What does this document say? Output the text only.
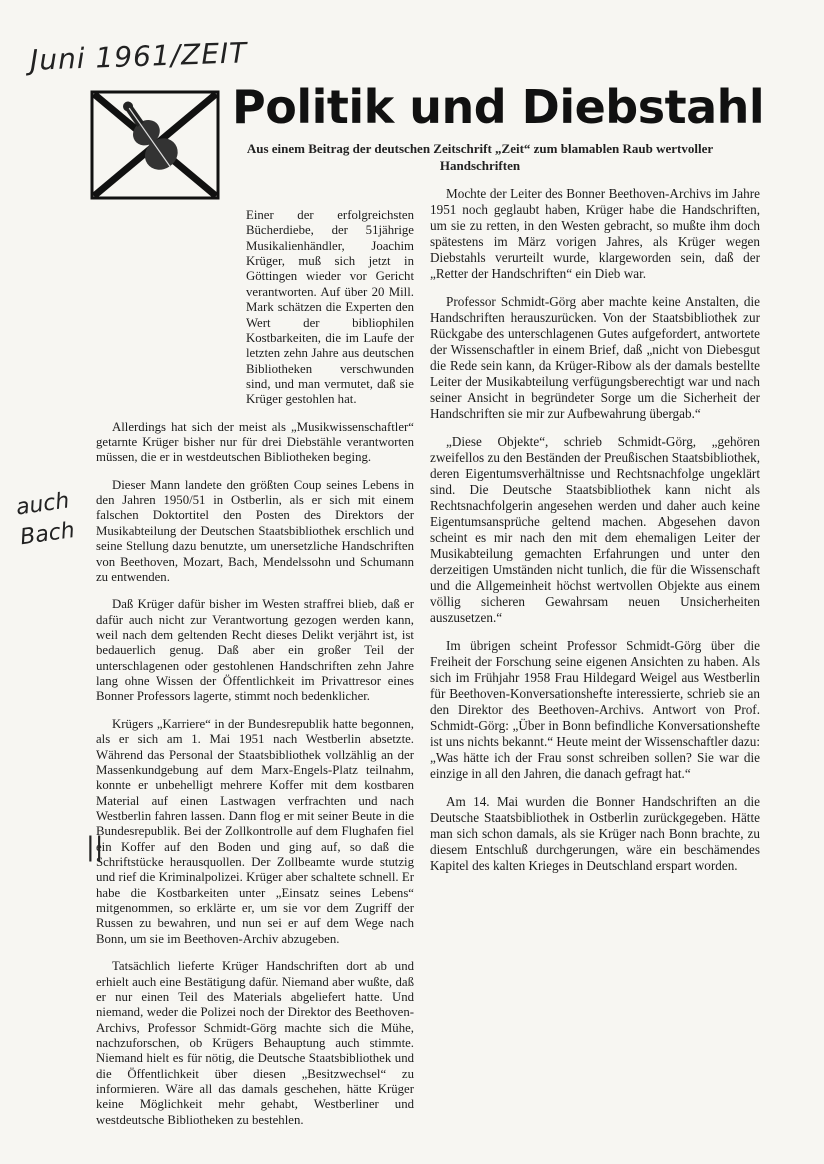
Juni 1961/ZEIT
auch
Bach
Politik und Diebstahl

Aus einem Beitrag der deutschen Zeitschrift „Zeit“ zum blamablen Raub wertvoller Handschriften

Einer der erfolgreichsten Bücherdiebe, der 51jährige Musikalienhändler, Joachim Krüger, muß sich jetzt in Göttingen wieder vor Gericht verantworten. Auf über 20 Mill. Mark schätzen die Experten den Wert der bibliophilen Kostbarkeiten, die im Laufe der letzten zehn Jahre aus deutschen Bibliotheken verschwunden sind, und man vermutet, daß sie Krüger gestohlen hat.

Allerdings hat sich der meist als „Musikwissenschaftler“ getarnte Krüger bisher nur für drei Diebstähle verantworten müssen, die er in westdeutschen Bibliotheken beging.

Dieser Mann landete den größten Coup seines Lebens in den Jahren 1950/51 in Ostberlin, als er sich mit einem falschen Doktortitel den Posten des Direktors der Musikabteilung der Deutschen Staatsbibliothek erschlich und seine Stellung dazu benutzte, um unersetzliche Handschriften von Beethoven, Mozart, Bach, Mendelssohn und Schumann zu entwenden.

Daß Krüger dafür bisher im Westen straffrei blieb, daß er dafür auch nicht zur Verantwortung gezogen werden kann, weil nach dem geltenden Recht dieses Delikt verjährt ist, ist bedauerlich genug. Daß aber ein großer Teil der unterschlagenen oder gestohlenen Handschriften zehn Jahre lang ohne Wissen der Öffentlichkeit im Privattresor eines Bonner Professors lagerte, stimmt noch bedenklicher.

Krügers „Karriere“ in der Bundesrepublik hatte begonnen, als er sich am 1. Mai 1951 nach Westberlin absetzte. Während das Personal der Staatsbibliothek vollzählig an der Massenkundgebung auf dem Marx-Engels-Platz teilnahm, konnte er unbehelligt mehrere Koffer mit dem kostbaren Material auf einen Lastwagen verfrachten und nach Westberlin fahren lassen. Dann flog er mit seiner Beute in die Bundesrepublik. Bei der Zollkontrolle auf dem Flughafen fiel ein Koffer auf den Boden und ging auf, so daß die Schriftstücke herausquollen. Der Zollbeamte wurde stutzig und rief die Kriminalpolizei. Krüger aber schaltete schnell. Er habe die Kostbarkeiten unter „Einsatz seines Lebens“ mitgenommen, so erklärte er, um sie vor dem Zugriff der Russen zu bewahren, und nun sei er auf dem Wege nach Bonn, um sie im Beethoven-Archiv abzugeben.

Tatsächlich lieferte Krüger Handschriften dort ab und erhielt auch eine Bestätigung dafür. Niemand aber wußte, daß er nur einen Teil des Materials abgeliefert hatte. Und niemand, weder die Polizei noch der Direktor des Beethoven-Archivs, Professor Schmidt-Görg machte sich die Mühe, nachzuforschen, ob Krügers Behauptung auch stimmte. Niemand hielt es für nötig, die Deutsche Staatsbibliothek und die Öffentlichkeit über diesen „Besitzwechsel“ zu informieren. Wäre all das damals geschehen, hätte Krüger keine Möglichkeit mehr gehabt, Westberliner und westdeutsche Bibliotheken zu bestehlen.

||

Mochte der Leiter des Bonner Beethoven-Archivs im Jahre 1951 noch geglaubt haben, Krüger habe die Handschriften, um sie zu retten, in den Westen gebracht, so mußte ihm doch spätestens im März vorigen Jahres, als Krüger wegen Diebstahls verurteilt wurde, klargeworden sein, daß der „Retter der Handschriften“ ein Dieb war.

Professor Schmidt-Görg aber machte keine Anstalten, die Handschriften herauszurücken. Von der Staatsbibliothek zur Rückgabe des unterschlagenen Gutes aufgefordert, antwortete der Wissenschaftler in einem Brief, daß „nicht von Diebesgut die Rede sein kann, da Krüger-Ribow als der damals bestellte Leiter der Musikabteilung verfügungsberechtigt war und nach seiner Ansicht in begründeter Sorge um die Sicherheit der Handschriften sie mir zur Aufbewahrung übergab.“

„Diese Objekte“, schrieb Schmidt-Görg, „gehören zweifellos zu den Beständen der Preußischen Staatsbibliothek, deren Eigentumsverhältnisse und Rechtsnachfolge ungeklärt sind. Die Deutsche Staatsbibliothek kann nicht als Rechtsnachfolgerin angesehen werden und daher auch keine Eigentumsansprüche geltend machen. Abgesehen davon scheint es mir nach den mit dem ehemaligen Leiter der Musikabteilung gemachten Erfahrungen und unter den derzeitigen Umständen nicht tunlich, die für die Wissenschaft und die Allgemeinheit höchst wertvollen Objekte aus einem völlig sicheren Gewahrsam neuen Unsicherheiten auszusetzen.“

Im übrigen scheint Professor Schmidt-Görg über die Freiheit der Forschung seine eigenen Ansichten zu haben. Als sich im Frühjahr 1958 Frau Hildegard Weigel aus Westberlin für Beethoven-Konversationshefte interessierte, schrieb sie an den Direktor des Beethoven-Archivs. Antwort von Prof. Schmidt-Görg: „Über in Bonn befindliche Konversationshefte ist uns nichts bekannt.“ Heute meint der Wissenschaftler dazu: „Was hätte ich der Frau sonst schreiben sollen? Sie war die einzige in all den Jahren, die danach gefragt hat.“

Am 14. Mai wurden die Bonner Handschriften an die Deutsche Staatsbibliothek in Ostberlin zurückgegeben. Hätte man sich schon damals, als sie Krüger nach Bonn brachte, zu diesem Entschluß durchgerungen, wäre ein beschämendes Kapitel des kalten Krieges in Deutschland erspart worden.
